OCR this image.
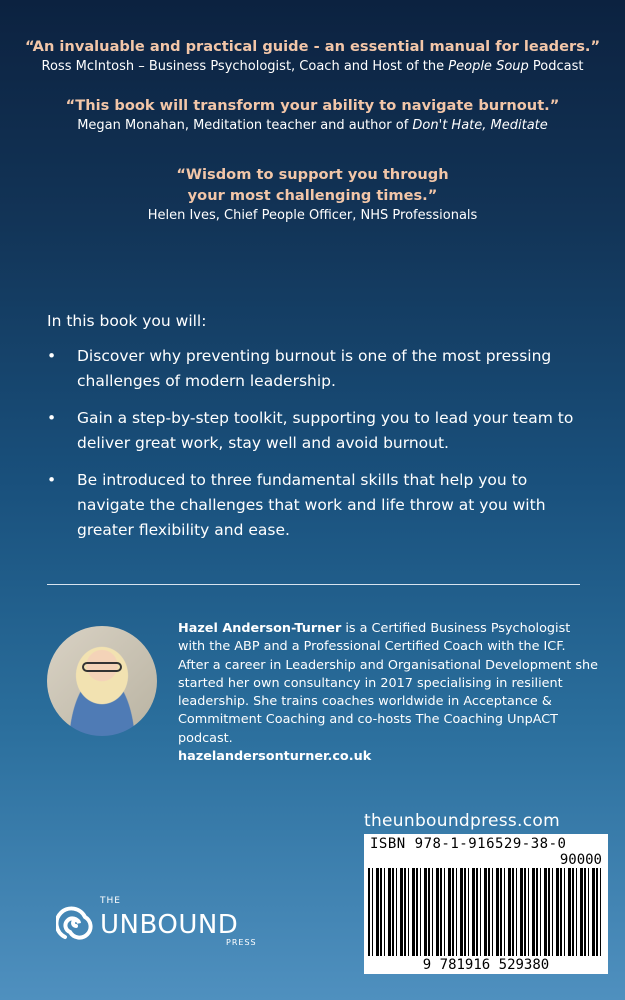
“An invaluable and practical guide - an essential manual for leaders.”
Ross McIntosh – Business Psychologist, Coach and Host of the People Soup Podcast
“This book will transform your ability to navigate burnout.”
Megan Monahan, Meditation teacher and author of Don't Hate, Meditate
“Wisdom to support you through
your most challenging times.”
Helen Ives, Chief People Officer, NHS Professionals
In this book you will:
• Discover why preventing burnout is one of the most pressing challenges of modern leadership.
• Gain a step-by-step toolkit, supporting you to lead your team to deliver great work, stay well and avoid burnout.
• Be introduced to three fundamental skills that help you to navigate the challenges that work and life throw at you with greater flexibility and ease.
Hazel Anderson-Turner is a Certified Business Psychologist with the ABP and a Professional Certified Coach with the ICF. After a career in Leadership and Organisational Development she started her own consultancy in 2017 specialising in resilient leadership. She trains coaches worldwide in Acceptance & Commitment Coaching and co-hosts The Coaching UnpACT podcast.
hazelandersonturner.co.uk
theunboundpress.com
ISBN 978-1-916529-38-0
90000
9 781916 529380
THE
UNBOUND
PRESS
